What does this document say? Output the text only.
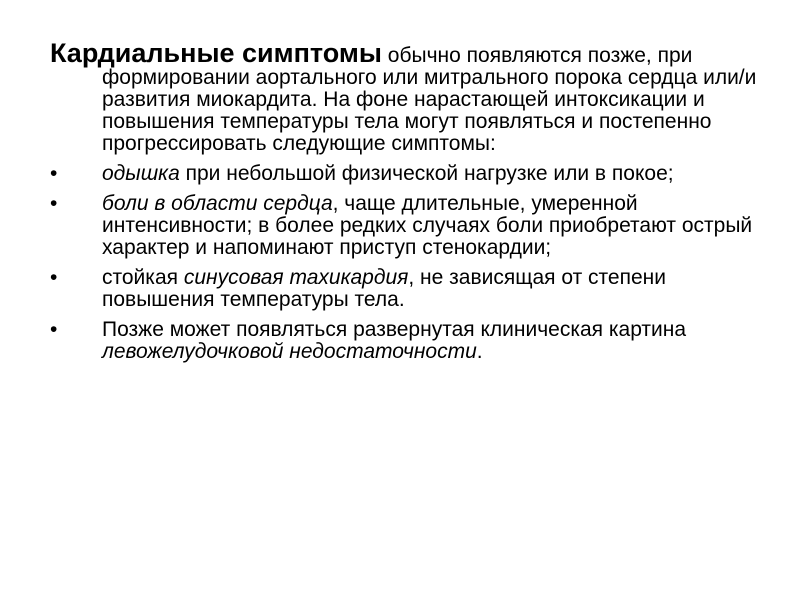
Кардиальные симптомы обычно появляются позже, при формировании аортального или митрального порока сердца или/и развития миокардита. На фоне нарастающей интоксикации и повышения температуры тела могут появляться и постепенно прогрессировать следующие симптомы:

•	одышка при небольшой физической нагрузке или в покое;
•	боли в области сердца, чаще длительные, умеренной интенсивности; в более редких случаях боли приобретают острый характер и напоминают приступ стенокардии;
•	стойкая синусовая тахикардия, не зависящая от степени повышения температуры тела.
•	Позже может появляться развернутая клиническая картина левожелудочковой недостаточности.
